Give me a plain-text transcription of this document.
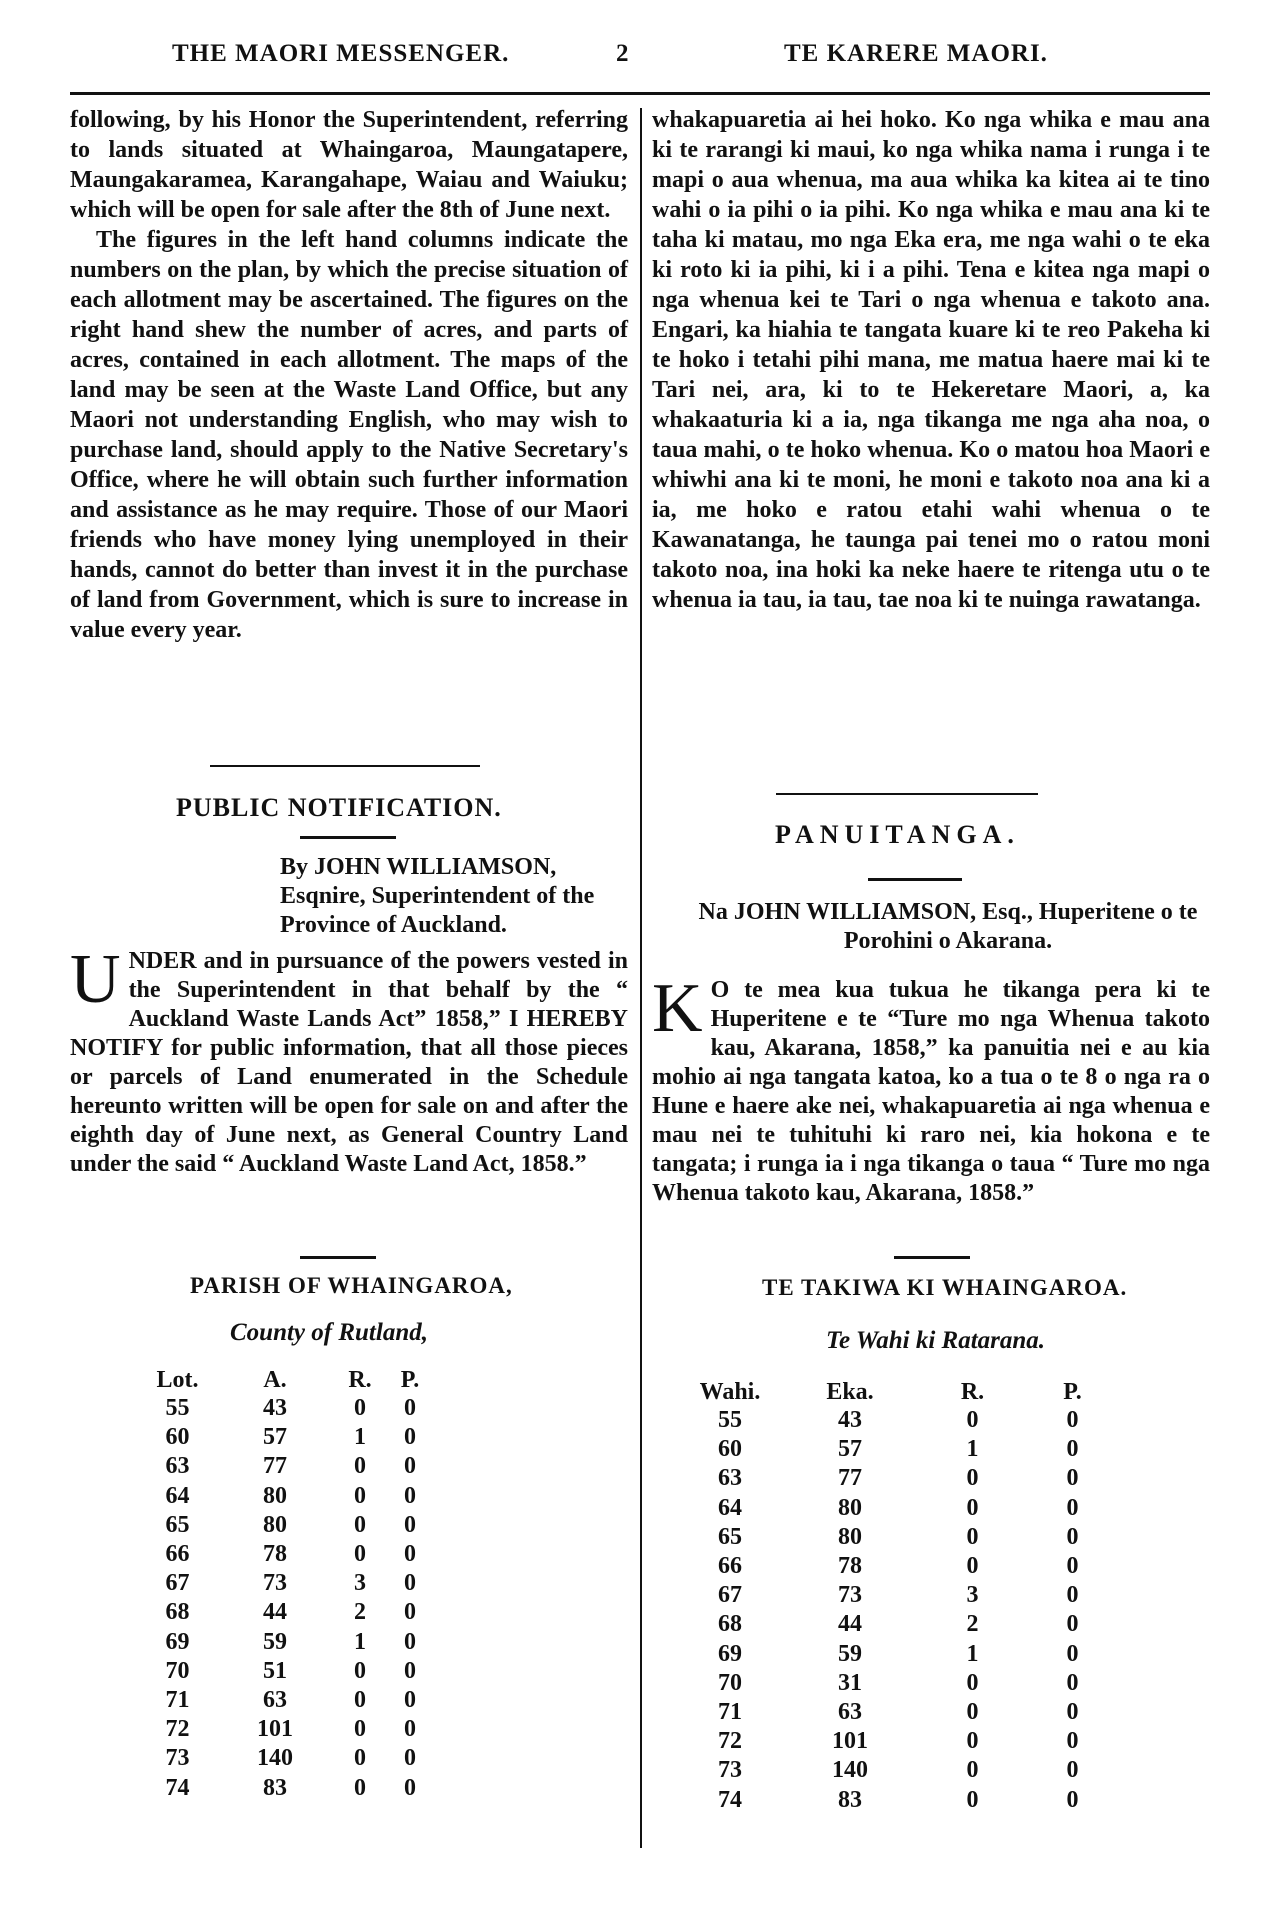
THE MAORI MESSENGER.	2	TE KARERE MAORI.

following, by his Honor the Superintendent, referring to lands situated at Whaingaroa, Maungatapere, Maungakaramea, Karangahape, Waiau and Waiuku; which will be open for sale after the 8th of June next.

The figures in the left hand columns indicate the numbers on the plan, by which the precise situation of each allotment may be ascertained. The figures on the right hand shew the number of acres, and parts of acres, contained in each allotment. The maps of the land may be seen at the Waste Land Office, but any Maori not understanding English, who may wish to purchase land, should apply to the Native Secretary's Office, where he will obtain such further information and assistance as he may require. Those of our Maori friends who have money lying unemployed in their hands, cannot do better than invest it in the purchase of land from Government, which is sure to increase in value every year.

PUBLIC NOTIFICATION.
By JOHN WILLIAMSON, Esqnire, Superintendent of the Province of Auckland.
U NDER and in pursuance of the powers vested in the Superintendent in that behalf by the “ Auckland Waste Lands Act” 1858,” I HEREBY NOTIFY for public information, that all those pieces or parcels of Land enumerated in the Schedule hereunto written will be open for sale on and after the eighth day of June next, as General Country Land under the said “ Auckland Waste Land Act, 1858.”
PARISH OF WHAINGAROA,
County of Rutland,
Lot.	A.	R.	P.
55	43	0	0
60	57	1	0
63	77	0	0
64	80	0	0
65	80	0	0
66	78	0	0
67	73	3	0
68	44	2	0
69	59	1	0
70	51	0	0
71	63	0	0
72	101	0	0
73	140	0	0
74	83	0	0

whakapuaretia ai hei hoko. Ko nga whika e mau ana ki te rarangi ki maui, ko nga whika nama i runga i te mapi o aua whenua, ma aua whika ka kitea ai te tino wahi o ia pihi o ia pihi. Ko nga whika e mau ana ki te taha ki matau, mo nga Eka era, me nga wahi o te eka ki roto ki ia pihi, ki i a pihi. Tena e kitea nga mapi o nga whenua kei te Tari o nga whenua e takoto ana. Engari, ka hiahia te tangata kuare ki te reo Pakeha ki te hoko i tetahi pihi mana, me matua haere mai ki te Tari nei, ara, ki to te Hekeretare Maori, a, ka whakaaturia ki a ia, nga tikanga me nga aha noa, o taua mahi, o te hoko whenua. Ko o matou hoa Maori e whiwhi ana ki te moni, he moni e takoto noa ana ki a ia, me hoko e ratou etahi wahi whenua o te Kawanatanga, he taunga pai tenei mo o ratou moni takoto noa, ina hoki ka neke haere te ritenga utu o te whenua ia tau, ia tau, tae noa ki te nuinga rawatanga.

PANUITANGA.
Na JOHN WILLIAMSON, Esq., Huperitene o te Porohini o Akarana.
K O te mea kua tukua he tikanga pera ki te Huperitene e te “Ture mo nga Whenua takoto kau, Akarana, 1858,” ka panuitia nei e au kia mohio ai nga tangata katoa, ko a tua o te 8 o nga ra o Hune e haere ake nei, whakapuaretia ai nga whenua e mau nei te tuhituhi ki raro nei, kia hokona e te tangata; i runga ia i nga tikanga o taua “ Ture mo nga Whenua takoto kau, Akarana, 1858.”
TE TAKIWA KI WHAINGAROA.
Te Wahi ki Ratarana.
Wahi.	Eka.	R.	P.
55	43	0	0
60	57	1	0
63	77	0	0
64	80	0	0
65	80	0	0
66	78	0	0
67	73	3	0
68	44	2	0
69	59	1	0
70	31	0	0
71	63	0	0
72	101	0	0
73	140	0	0
74	83	0	0
